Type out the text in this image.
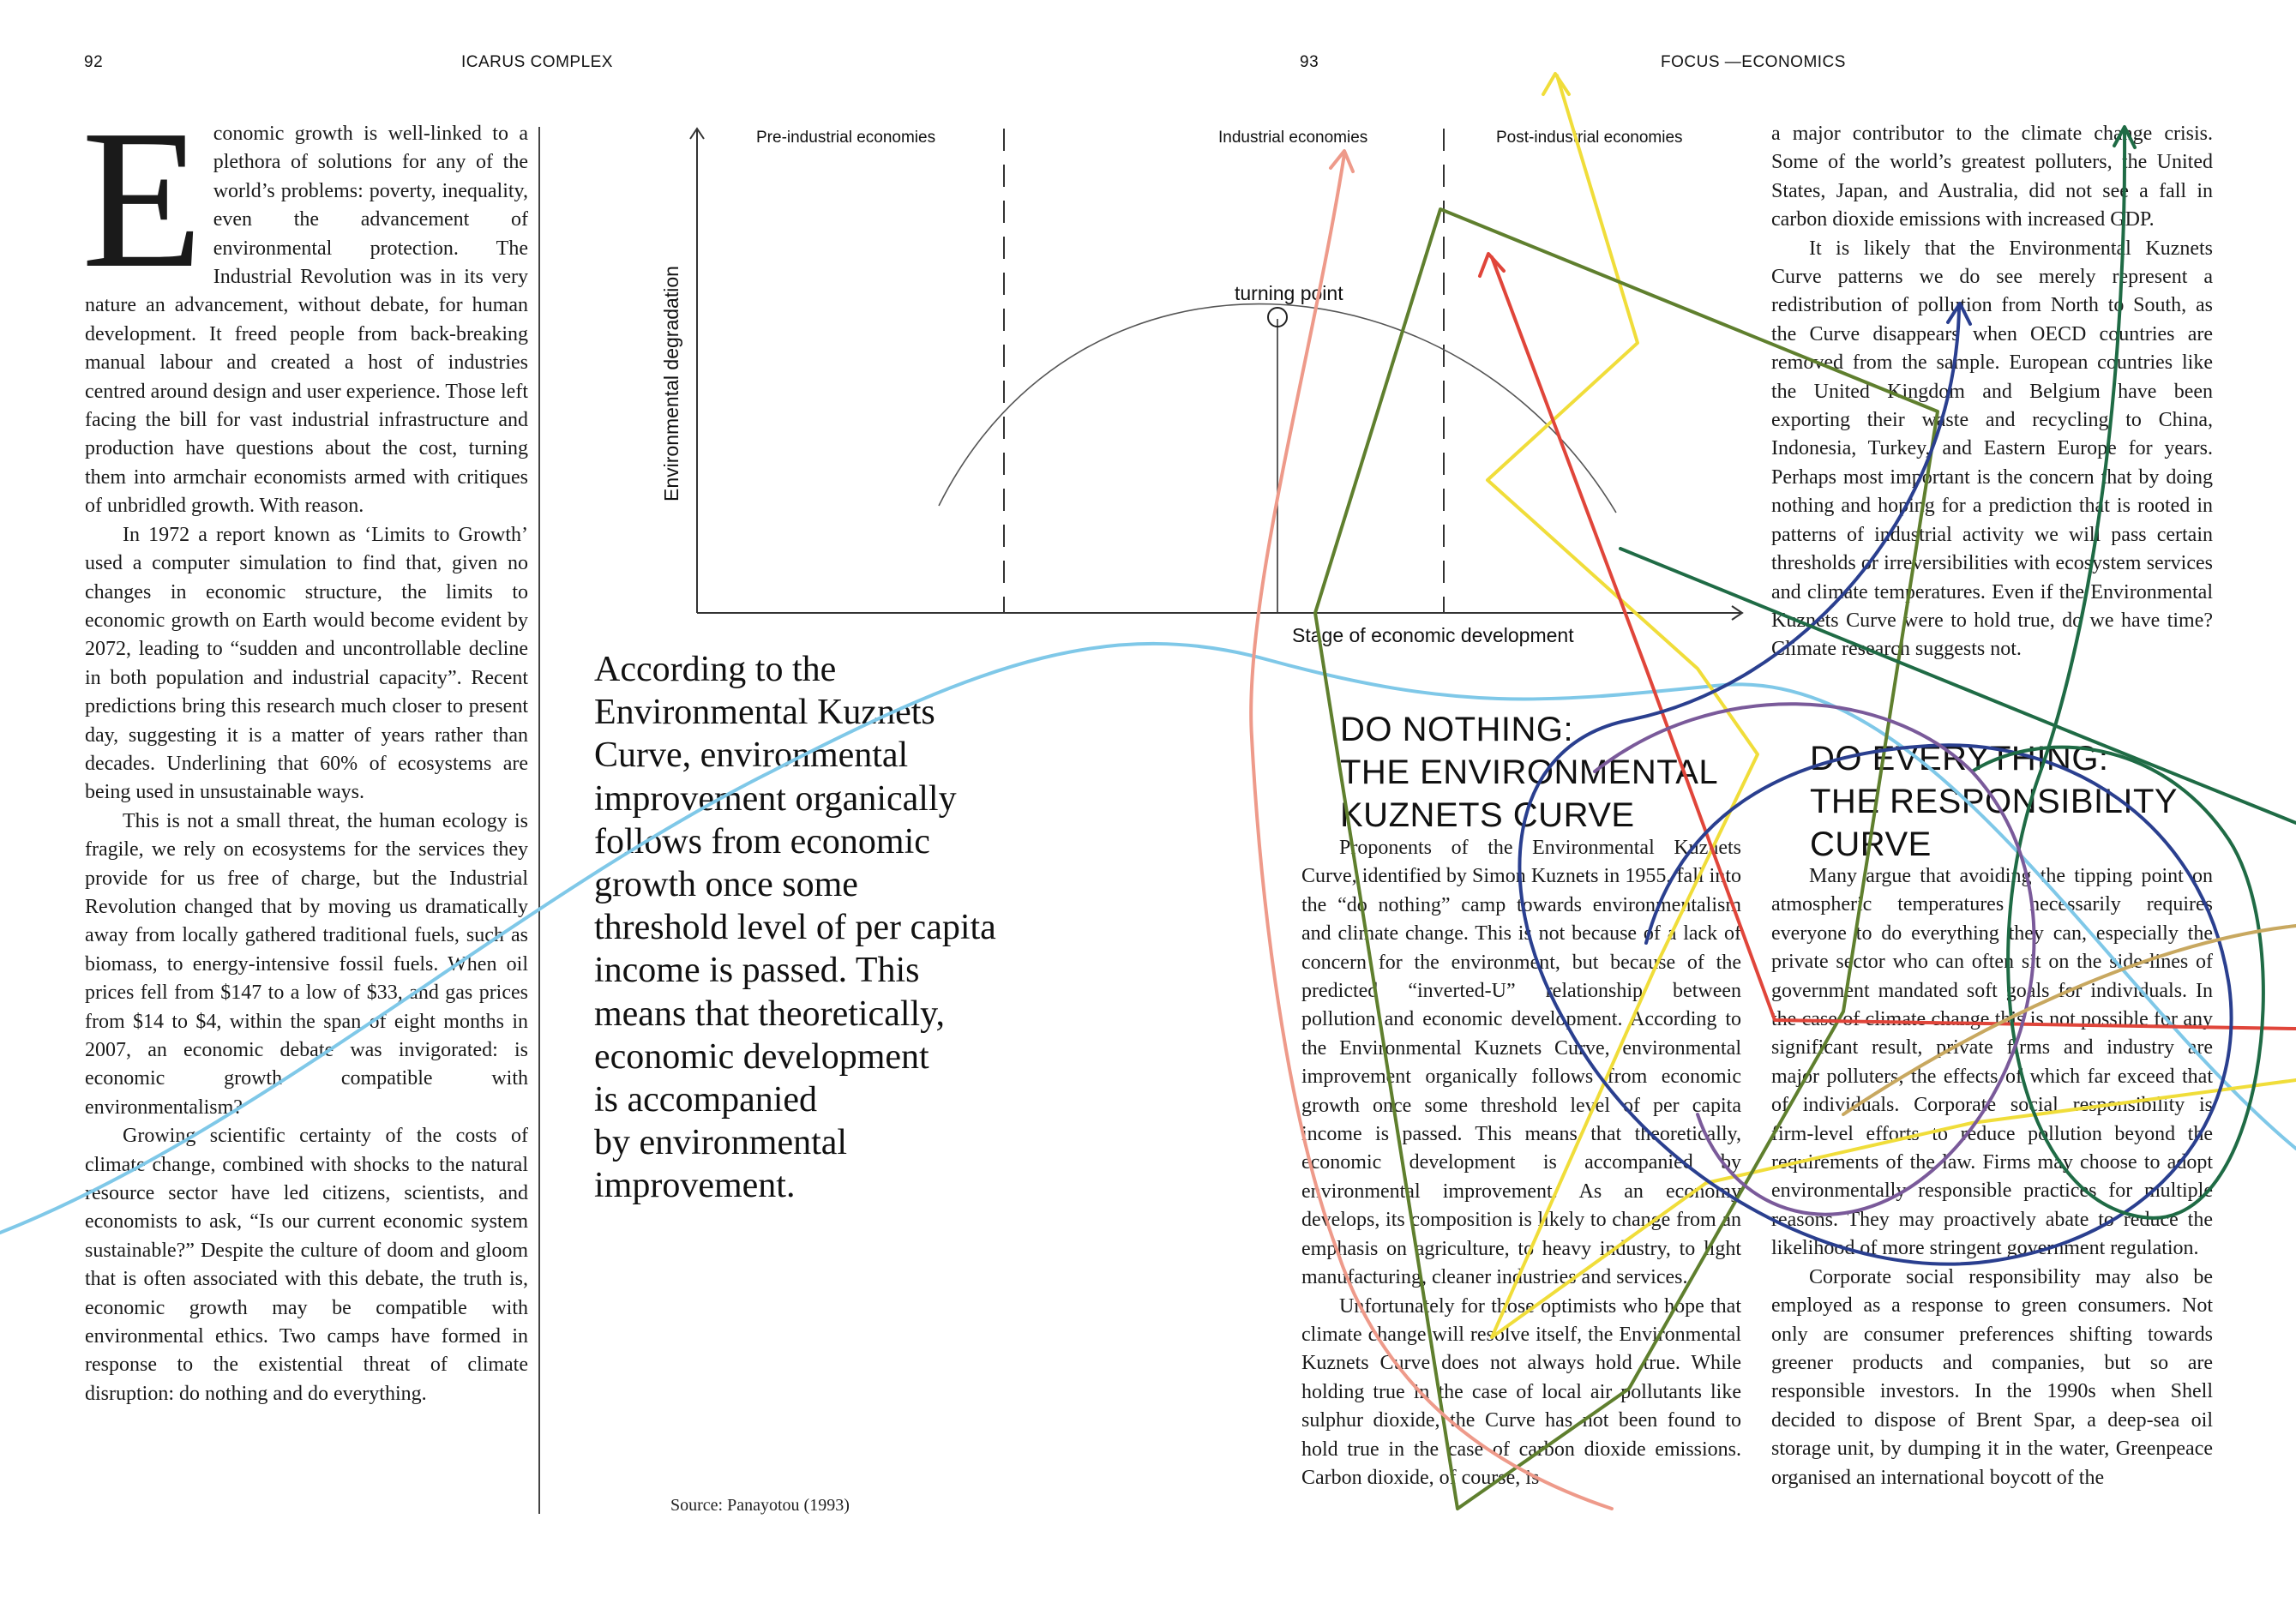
92	ICARUS COMPLEX	93	FOCUS —ECONOMICS

Economic growth is well-linked to a plethora of solutions for any of the world’s problems: poverty, inequality, even the advancement of environmental protection. The Industrial Revolution was in its very nature an advancement, without debate, for human development. It freed people from back-breaking manual labour and created a host of industries centred around design and user experience. Those left facing the bill for vast industrial infrastructure and production have questions about the cost, turning them into armchair economists armed with critiques of unbridled growth. With reason.

In 1972 a report known as ‘Limits to Growth’ used a computer simulation to find that, given no changes in economic structure, the limits to economic growth on Earth would become evident by 2072, leading to “sudden and uncontrollable decline in both population and industrial capacity”. Recent predictions bring this research much closer to present day, suggesting it is a matter of years rather than decades. Underlining that 60% of ecosystems are being used in unsustainable ways.

This is not a small threat, the human ecology is fragile, we rely on ecosystems for the services they provide for us free of charge, but the Industrial Revolution changed that by moving us dramatically away from locally gathered traditional fuels, such as biomass, to energy-intensive fossil fuels. When oil prices fell from $147 to a low of $33, and gas prices from $14 to $4, within the span of eight months in 2007, an economic debate was invigorated: is economic growth compatible with environmentalism?

Growing scientific certainty of the costs of climate change, combined with shocks to the natural resource sector have led citizens, scientists, and economists to ask, “Is our current economic system sustainable?” Despite the culture of doom and gloom that is often associated with this debate, the truth is, economic growth may be compatible with environmental ethics. Two camps have formed in response to the existential threat of climate disruption: do nothing and do everything.

Pre-industrial economies	Industrial economies	Post-industrial economies
turning point
Stage of economic development
Environmental degradation
According to the
Environmental Kuznets
Curve, environmental
improvement organically
follows from economic
growth once some
threshold level of per capita
income is passed. This
means that theoretically,
economic development
is accompanied
by environmental
improvement.
Source: Panayotou (1993)
DO NOTHING:
THE ENVIRONMENTAL
KUZNETS CURVE

Proponents of the Environmental Kuznets Curve, identified by Simon Kuznets in 1955, fall into the “do nothing” camp towards environmentalism and climate change. This is not because of a lack of concern for the environment, but because of the predicted “inverted-U” relationship between pollution and economic development. According to the Environmental Kuznets Curve, environmental improvement organically follows from economic growth once some threshold level of per capita income is passed. This means that theoretically, economic development is accompanied by environmental improvement. As an economy develops, its composition is likely to change from an emphasis on agriculture, to heavy industry, to light manufacturing, cleaner industries and services.

Unfortunately for those optimists who hope that climate change will resolve itself, the Environmental Kuznets Curve does not always hold true. While holding true in the case of local air pollutants like sulphur dioxide, the Curve has not been found to hold true in the case of carbon dioxide emissions. Carbon dioxide, of course, is

a major contributor to the climate change crisis. Some of the world’s greatest polluters, the United States, Japan, and Australia, did not see a fall in carbon dioxide emissions with increased GDP.

It is likely that the Environmental Kuznets Curve patterns we do see merely represent a redistribution of pollution from North to South, as the Curve disappears when OECD countries are removed from the sample. European countries like the United Kingdom and Belgium have been exporting their waste and recycling to China, Indonesia, Turkey, and Eastern Europe for years. Perhaps most important is the concern that by doing nothing and hoping for a prediction that is rooted in patterns of industrial activity we will pass certain thresholds or irreversibilities with ecosystem services and climate temperatures. Even if the Environmental Kuznets Curve were to hold true, do we have time? Climate research suggests not.

DO EVERYTHING:
THE RESPONSIBILITY
CURVE

Many argue that avoiding the tipping point on atmospheric temperatures necessarily requires everyone to do everything they can, especially the private sector who can often sit on the side-lines of government mandated soft goals for individuals. In the case of climate change this is not possible for any significant result, private firms and industry are major polluters, the effects of which far exceed that of individuals. Corporate social responsibility is firm-level efforts to reduce pollution beyond the requirements of the law. Firms may choose to adopt environmentally responsible practices for multiple reasons. They may proactively abate to reduce the likelihood of more stringent government regulation.

Corporate social responsibility may also be employed as a response to green consumers. Not only are consumer preferences shifting towards greener products and companies, but so are responsible investors. In the 1990s when Shell decided to dispose of Brent Spar, a deep-sea oil storage unit, by dumping it in the water, Greenpeace organised an international boycott of the
